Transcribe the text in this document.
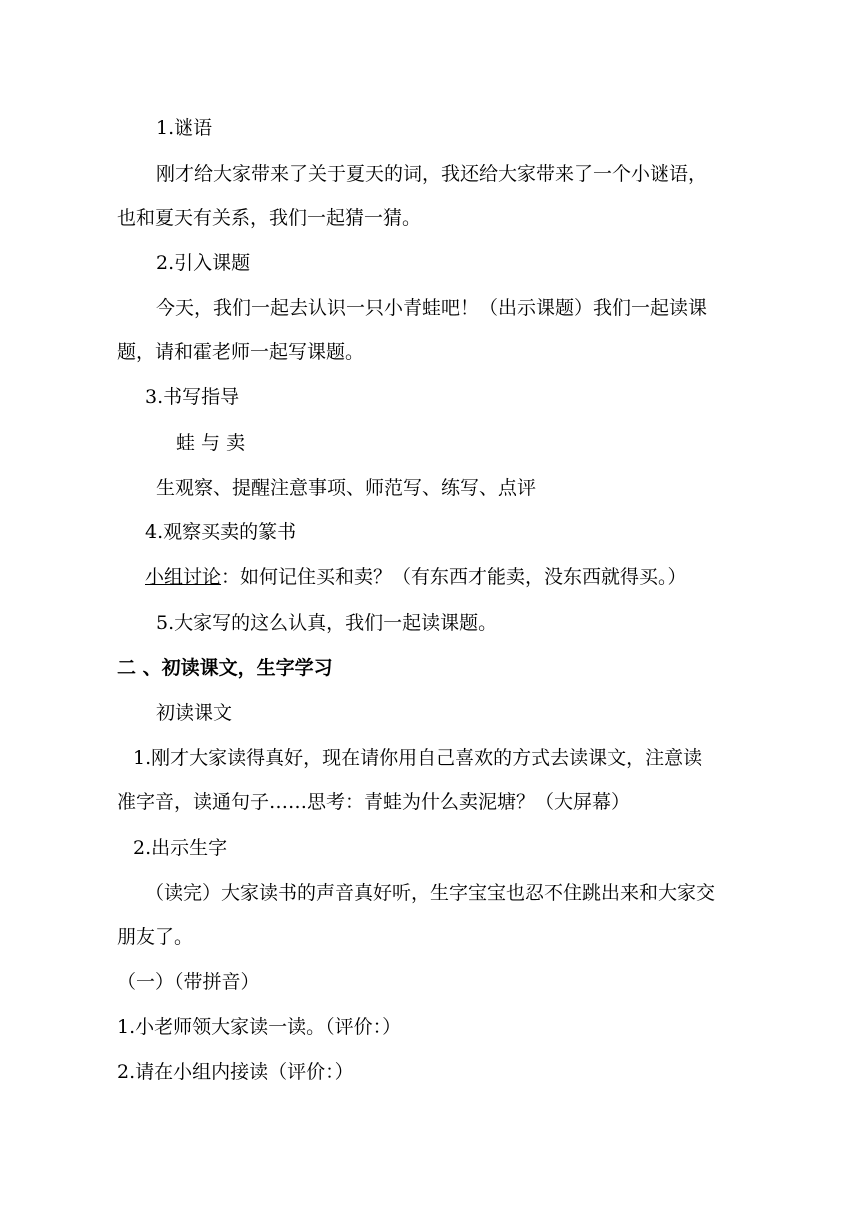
1.谜语
刚才给大家带来了关于夏天的词，我还给大家带来了一个小谜语，
也和夏天有关系，我们一起猜一猜。
2.引入课题
今天，我们一起去认识一只小青蛙吧！（出示课题）我们一起读课
题，请和霍老师一起写课题。
3.书写指导
蛙 与 卖
生观察、提醒注意事项、师范写、练写、点评
4.观察买卖的篆书
小组讨论 ：如何记住买和卖？（有东西才能卖，没东西就得买。）
5.大家写的这么认真，我们一起读课题。
二 、初读课文，生字学习
初读课文
1.刚才大家读得真好，现在请你用自己喜欢的方式去读课文，注意读
准字音，读通句子……思考：青蛙为什么卖泥塘？（大屏幕）
2.出示生字
（读完）大家读书的声音真好听，生字宝宝也忍不住跳出来和大家交
朋友了。
（一）（带拼音）
1.小老师领大家读一读。（评价：）
2.请在小组内接读（评价：）
